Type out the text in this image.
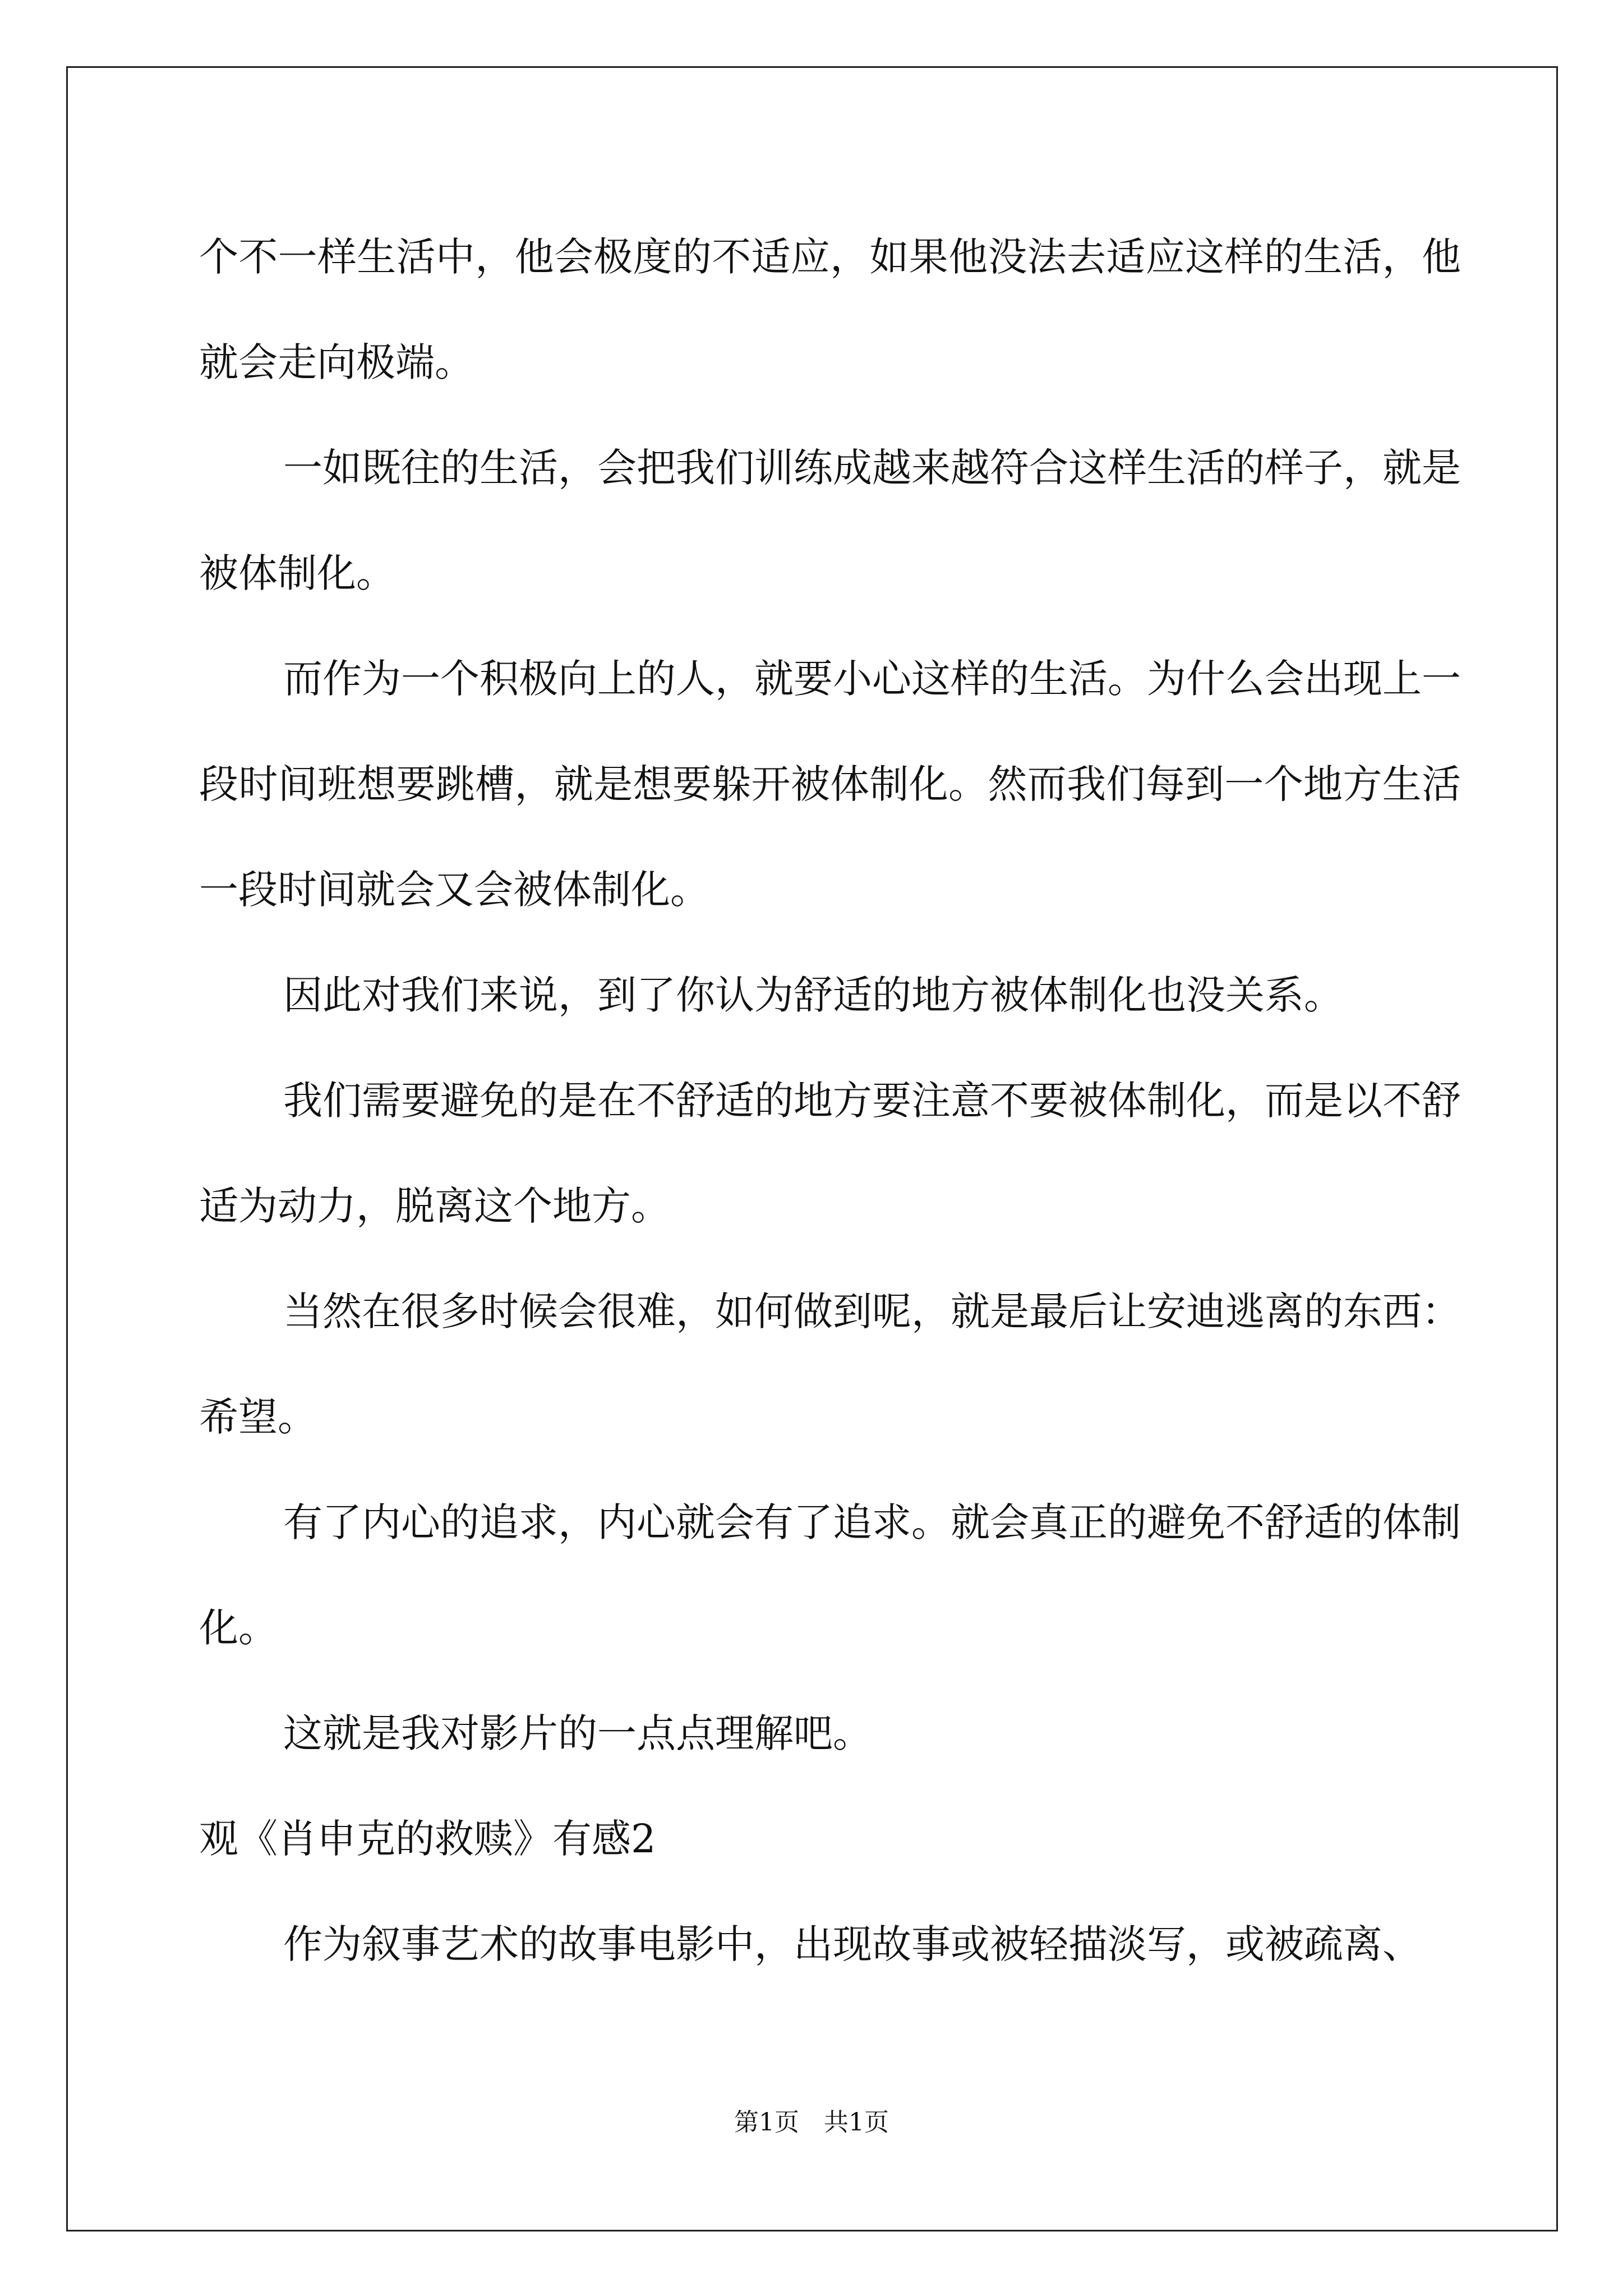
个不一样生活中，他会极度的不适应，如果他没法去适应这样的生活，他就会走向极端。

一如既往的生活，会把我们训练成越来越符合这样生活的样子，就是被体制化。

而作为一个积极向上的人，就要小心这样的生活。为什么会出现上一段时间班想要跳槽，就是想要躲开被体制化。然而我们每到一个地方生活一段时间就会又会被体制化。

因此对我们来说，到了你认为舒适的地方被体制化也没关系。

我们需要避免的是在不舒适的地方要注意不要被体制化，而是以不舒适为动力，脱离这个地方。

当然在很多时候会很难，如何做到呢，就是最后让安迪逃离的东西：希望。

有了内心的追求，内心就会有了追求。就会真正的避免不舒适的体制化。

这就是我对影片的一点点理解吧。

观《肖申克的救赎》有感2

作为叙事艺术的故事电影中，出现故事或被轻描淡写，或被疏离、

第1页　共1页
